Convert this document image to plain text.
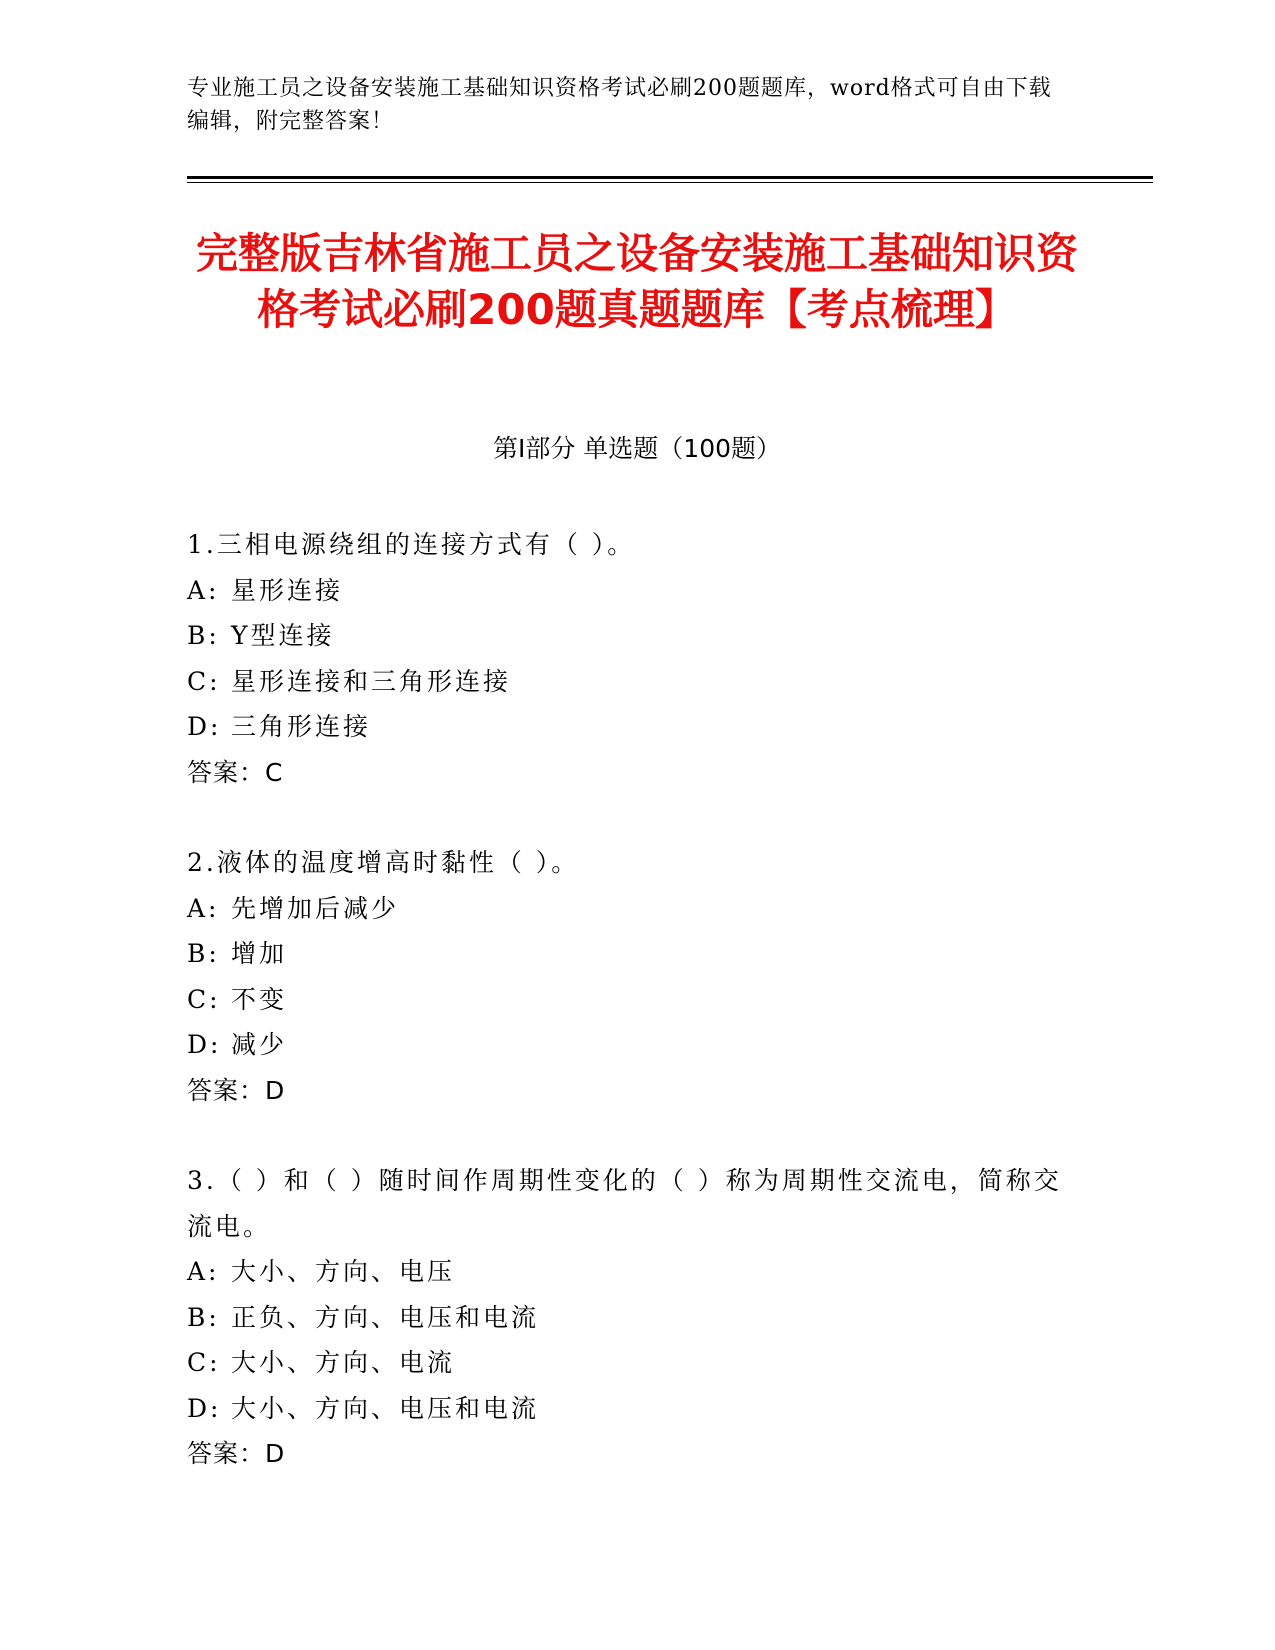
专业施工员之设备安装施工基础知识资格考试必刷200题题库，word格式可自由下载编辑，附完整答案！
完整版吉林省施工员之设备安装施工基础知识资格考试必刷200题真题题库【考点梳理】
第I部分 单选题（100题）
1.三相电源绕组的连接方式有（ ）。
A: 星形连接
B: Y型连接
C: 星形连接和三角形连接
D: 三角形连接
答案：C
2.液体的温度增高时黏性（ ）。
A: 先增加后减少
B: 增加
C: 不变
D: 减少
答案：D
3.（ ）和（ ）随时间作周期性变化的（ ）称为周期性交流电，简称交流电。
A: 大小、方向、电压
B: 正负、方向、电压和电流
C: 大小、方向、电流
D: 大小、方向、电压和电流
答案：D
